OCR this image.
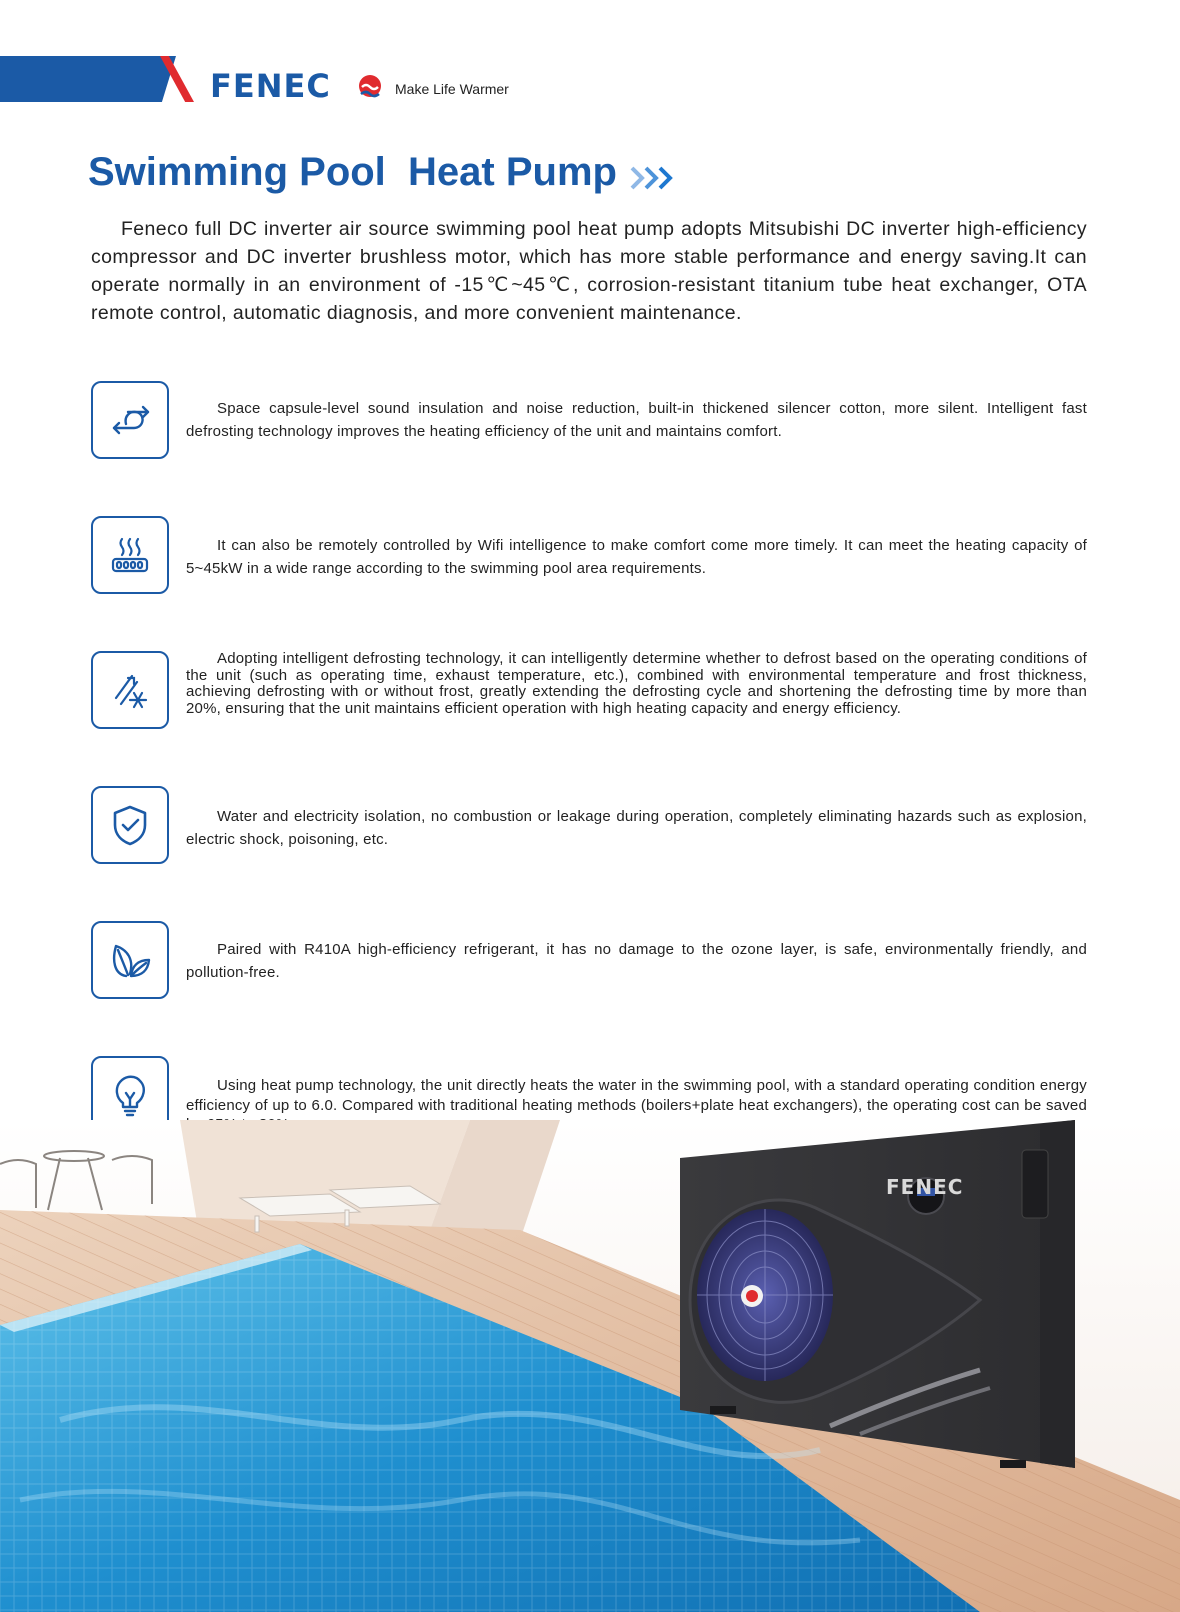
FENEC	Make Life Warmer
Swimming Pool  Heat Pump

Feneco full DC inverter air source swimming pool heat pump adopts Mitsubishi DC inverter high-efficiency compressor and DC inverter brushless motor, which has more stable performance and energy saving.It can operate normally in an environment of -15℃~45℃, corrosion-resistant titanium tube heat exchanger, OTA remote control, automatic diagnosis, and more convenient maintenance.

Space capsule-level sound insulation and noise reduction, built-in thickened silencer cotton, more silent. Intelligent fast defrosting technology improves the heating efficiency of the unit and maintains comfort.

It can also be remotely controlled by Wifi intelligence to make comfort come more timely. It can meet the heating capacity of 5~45kW in a wide range according to the swimming pool area requirements.

Adopting intelligent defrosting technology, it can intelligently determine whether to defrost based on the operating conditions of the unit (such as operating time, exhaust temperature, etc.), combined with environmental temperature and frost thickness, achieving defrosting with or without frost, greatly extending the defrosting cycle and shortening the defrosting time by more than 20%, ensuring that the unit maintains efficient operation with high heating capacity and energy efficiency.

Water and electricity isolation, no combustion or leakage during operation, completely eliminating hazards such as explosion, electric shock, poisoning, etc.

Paired with R410A high-efficiency refrigerant, it has no damage to the ozone layer, is safe, environmentally friendly, and pollution-free.

Using heat pump technology, the unit directly heats the water in the swimming pool, with a standard operating condition energy efficiency of up to 6.0. Compared with traditional heating methods (boilers+plate heat exchangers), the operating cost can be saved

FENEC
